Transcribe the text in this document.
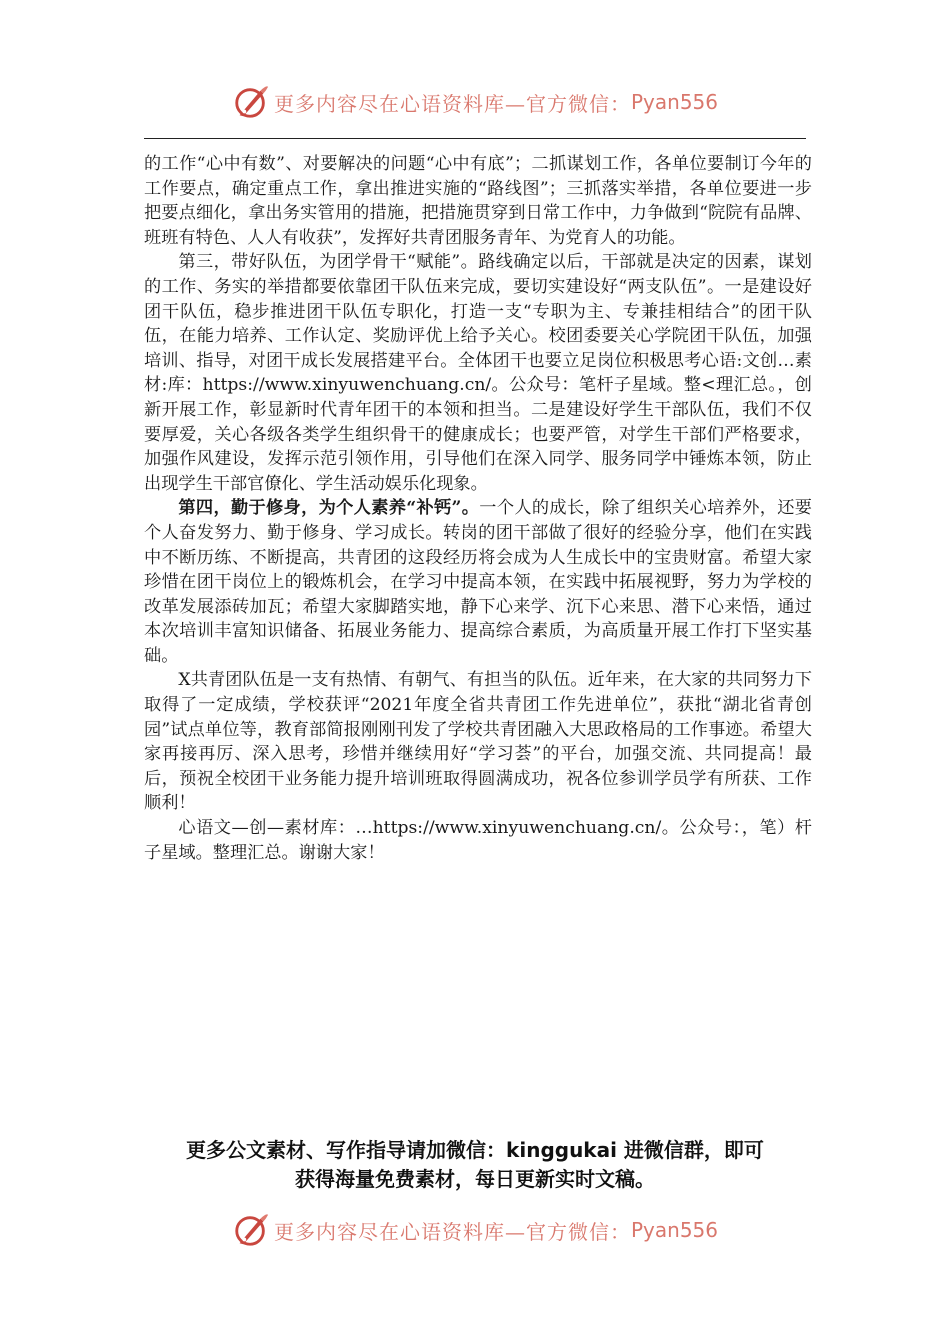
更多内容尽在心语资料库—官方微信： Pyan556

的工作“心中有数”、对要解决的问题“心中有底”；二抓谋划工作，各单位要制订今年的工作要点，确定重点工作，拿出推进实施的“路线图”；三抓落实举措，各单位要进一步把要点细化，拿出务实管用的措施，把措施贯穿到日常工作中，力争做到“院院有品牌、班班有特色、人人有收获”，发挥好共青团服务青年、为党育人的功能。

第三，带好队伍，为团学骨干“赋能”。路线确定以后，干部就是决定的因素，谋划的工作、务实的举措都要依靠团干队伍来完成，要切实建设好“两支队伍”。一是建设好团干队伍，稳步推进团干队伍专职化，打造一支“专职为主、专兼挂相结合”的团干队伍，在能力培养、工作认定、奖励评优上给予关心。校团委要关心学院团干队伍，加强培训、指导，对团干成长发展搭建平台。全体团干也要立足岗位积极思考心语:文创…素材:库：https://www.xinyuwenchuang.cn/。公众号：笔杆子星域。整<理汇总。，创新开展工作，彰显新时代青年团干的本领和担当。二是建设好学生干部队伍，我们不仅要厚爱，关心各级各类学生组织骨干的健康成长；也要严管，对学生干部们严格要求，加强作风建设，发挥示范引领作用，引导他们在深入同学、服务同学中锤炼本领，防止出现学生干部官僚化、学生活动娱乐化现象。

第四，勤于修身，为个人素养“补钙”。一个人的成长，除了组织关心培养外，还要个人奋发努力、勤于修身、学习成长。转岗的团干部做了很好的经验分享，他们在实践中不断历练、不断提高，共青团的这段经历将会成为人生成长中的宝贵财富。希望大家珍惜在团干岗位上的锻炼机会，在学习中提高本领，在实践中拓展视野，努力为学校的改革发展添砖加瓦；希望大家脚踏实地，静下心来学、沉下心来思、潜下心来悟，通过本次培训丰富知识储备、拓展业务能力、提高综合素质，为高质量开展工作打下坚实基础。

X共青团队伍是一支有热情、有朝气、有担当的队伍。近年来，在大家的共同努力下取得了一定成绩，学校获评“2021年度全省共青团工作先进单位”，获批“湖北省青创园”试点单位等，教育部简报刚刚刊发了学校共青团融入大思政格局的工作事迹。希望大家再接再厉、深入思考，珍惜并继续用好“学习荟”的平台，加强交流、共同提高！最后，预祝全校团干业务能力提升培训班取得圆满成功，祝各位参训学员学有所获、工作顺利！

心语文—创—素材库：…https://www.xinyuwenchuang.cn/。公众号：，笔）杆子星域。整理汇总。谢谢大家！

更多公文素材、写作指导请加微信：kinggukai 进微信群，即可
获得海量免费素材，每日更新实时文稿。
更多内容尽在心语资料库—官方微信： Pyan556
